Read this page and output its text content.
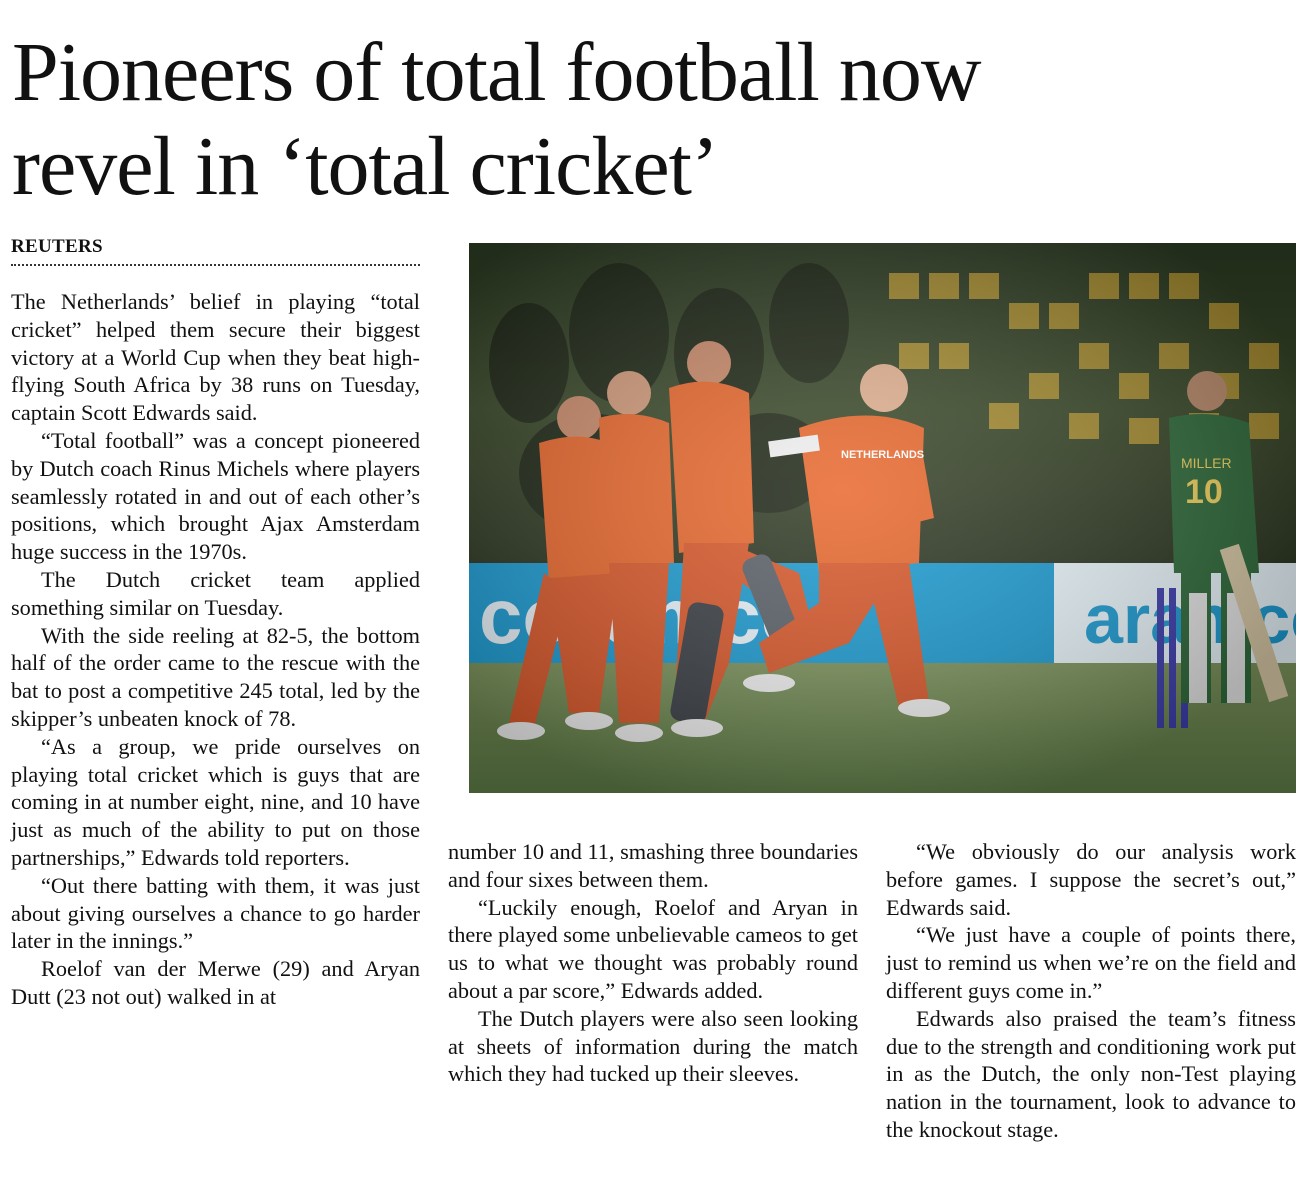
Pioneers of total football now
revel in ‘total cricket’
REUTERS

The Netherlands’ belief in playing “total cricket” helped them secure their biggest victory at a World Cup when they beat high-flying South Africa by 38 runs on Tuesday, captain Scott Edwards said.

“Total football” was a concept pioneered by Dutch coach Rinus Michels where players seamlessly rotated in and out of each other’s positions, which brought Ajax Amsterdam huge success in the 1970s.

The Dutch cricket team applied something similar on Tuesday.

With the side reeling at 82-5, the bottom half of the order came to the rescue with the bat to post a competitive 245 total, led by the skipper’s unbeaten knock of 78.

“As a group, we pride ourselves on playing total cricket which is guys that are coming in at number eight, nine, and 10 have just as much of the ability to put on those partnerships,” Edwards told reporters.

“Out there batting with them, it was just about giving ourselves a chance to go harder later in the innings.”

Roelof van der Merwe (29) and Aryan Dutt (23 not out) walked in at

number 10 and 11, smashing three boundaries and four sixes between them.

“Luckily enough, Roelof and Aryan in there played some unbelievable cameos to get us to what we thought was probably round about a par score,” Edwards added.

The Dutch players were also seen looking at sheets of information during the match which they had tucked up their sleeves.

“We obviously do our analysis work before games. I suppose the secret’s out,” Edwards said.

“We just have a couple of points there, just to remind us when we’re on the field and different guys come in.”

Edwards also praised the team’s fitness due to the strength and conditioning work put in as the Dutch, the only non-Test playing nation in the tournament, look to advance to the knockout stage.
